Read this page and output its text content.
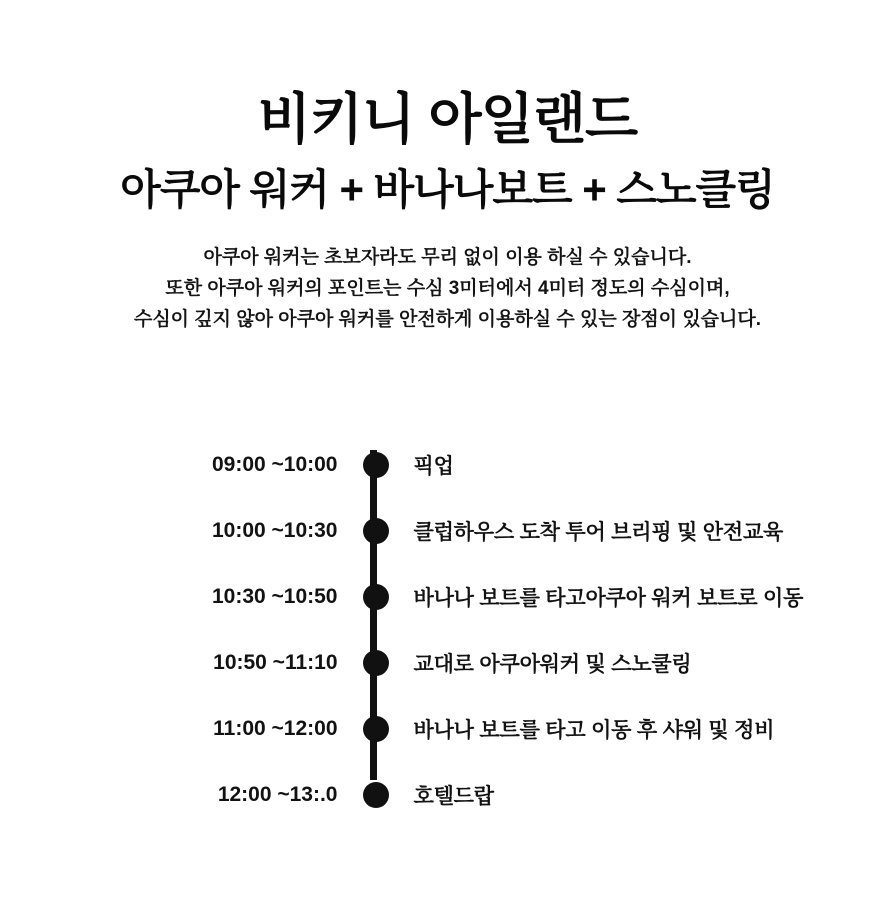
비키니 아일랜드
아쿠아 워커 + 바나나보트 + 스노클링
아쿠아 워커는 초보자라도 무리 없이 이용 하실 수 있습니다.
또한 아쿠아 워커의 포인트는 수심 3미터에서 4미터 정도의 수심이며,
수심이 깊지 않아 아쿠아 워커를 안전하게 이용하실 수 있는 장점이 있습니다.
09:00 ~10:00	픽업
10:00 ~10:30	클럽하우스 도착 투어 브리핑 및 안전교육
10:30 ~10:50	바나나 보트를 타고아쿠아 워커 보트로 이동
10:50 ~11:10	교대로 아쿠아워커 및 스노쿨링
11:00 ~12:00	바나나 보트를 타고 이동 후 샤워 및 정비
12:00 ~13:.0	호텔드랍
